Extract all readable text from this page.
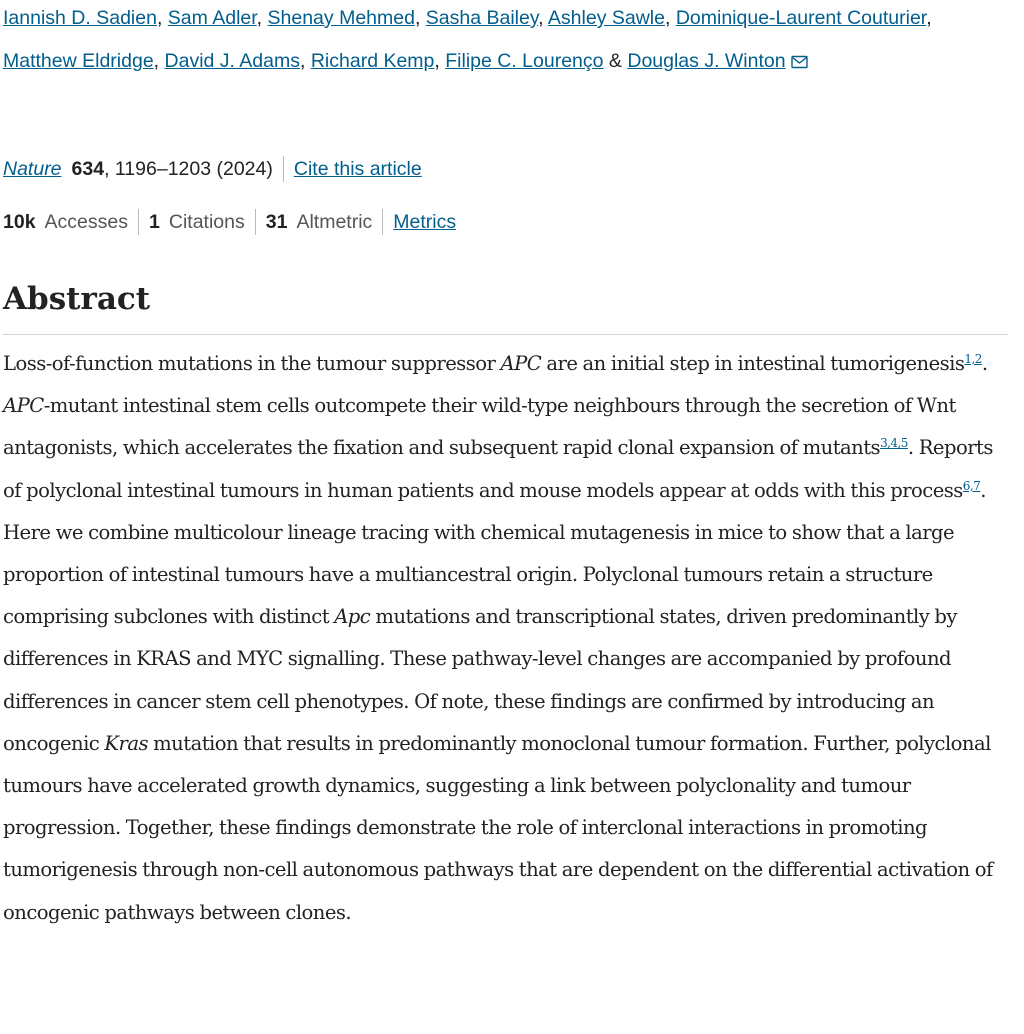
Iannish D. Sadien, Sam Adler, Shenay Mehmed, Sasha Bailey, Ashley Sawle, Dominique-Laurent Couturier, Matthew Eldridge, David J. Adams, Richard Kemp, Filipe C. Lourenço & Douglas J. Winton

Nature 634 , 1196–1203 (2024) Cite this article
10k Accesses 1 Citations 31 Altmetric Metrics
Abstract

Loss-of-function mutations in the tumour suppressor APC are an initial step in intestinal tumorigenesis$^{1,2}$. APC-mutant intestinal stem cells outcompete their wild-type neighbours through the secretion of Wnt antagonists, which accelerates the fixation and subsequent rapid clonal expansion of mutants$^{3,4,5}$. Reports of polyclonal intestinal tumours in human patients and mouse models appear at odds with this process$^{6,7}$. Here we combine multicolour lineage tracing with chemical mutagenesis in mice to show that a large proportion of intestinal tumours have a multiancestral origin. Polyclonal tumours retain a structure comprising subclones with distinct Apc mutations and transcriptional states, driven predominantly by differences in KRAS and MYC signalling. These pathway-level changes are accompanied by profound differences in cancer stem cell phenotypes. Of note, these findings are confirmed by introducing an oncogenic Kras mutation that results in predominantly monoclonal tumour formation. Further, polyclonal tumours have accelerated growth dynamics, suggesting a link between polyclonality and tumour progression. Together, these findings demonstrate the role of interclonal interactions in promoting tumorigenesis through non-cell autonomous pathways that are dependent on the differential activation of oncogenic pathways between clones.
